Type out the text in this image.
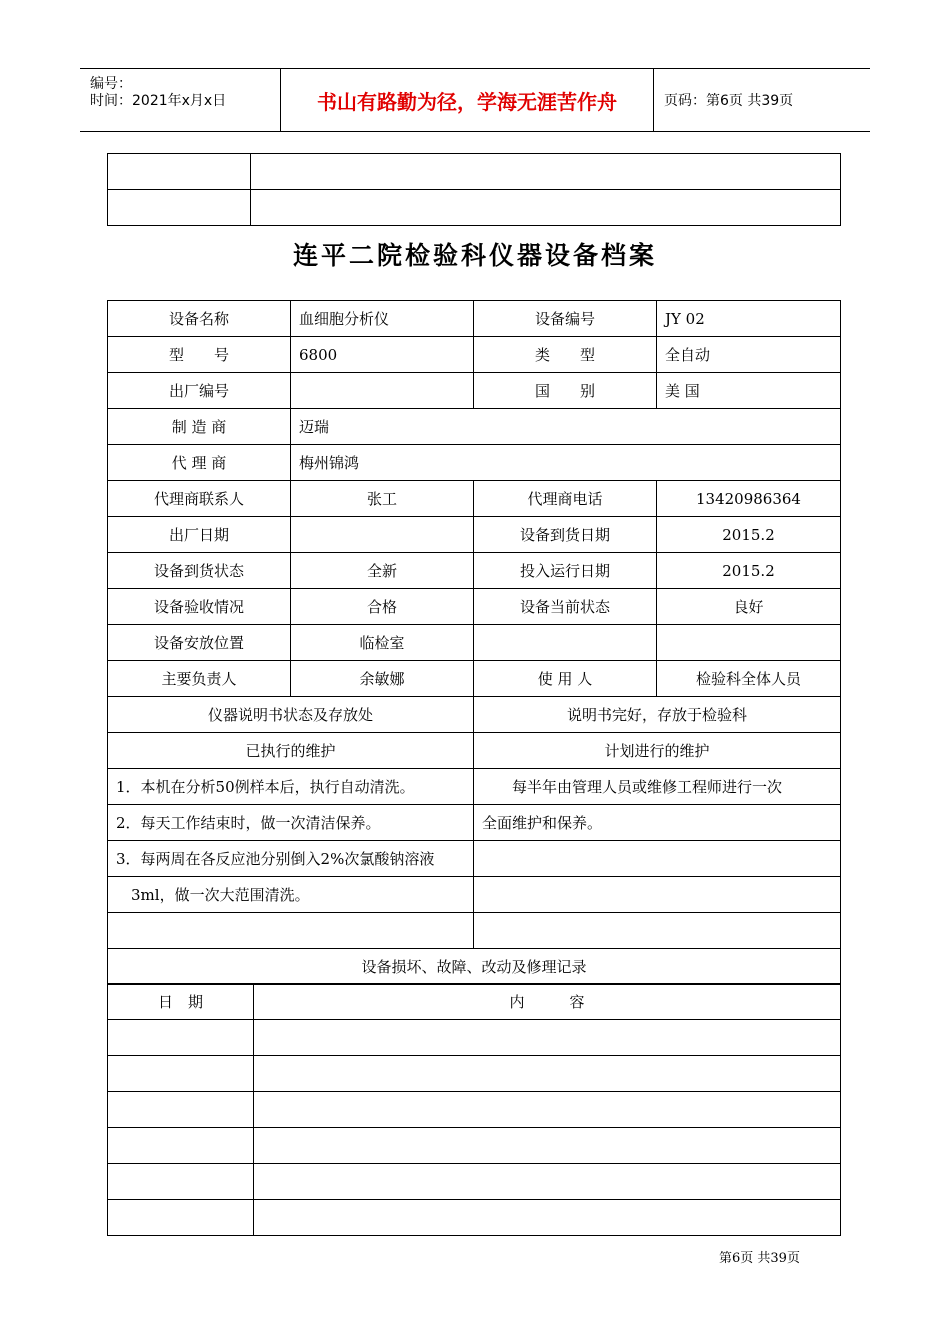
编号：
时间：2021年x月x日	书山有路勤为径，学海无涯苦作舟	页码：第6页 共39页

连平二院检验科仪器设备档案
设备名称	血细胞分析仪	设备编号	JY 02
型　　号	6800	类　　型	全自动
出厂编号		国　　别	美 国
制 造 商	迈瑞		
代 理 商	梅州锦鸿		
代理商联系人	张工	代理商电话	13420986364
出厂日期		设备到货日期	2015.2
设备到货状态	全新	投入运行日期	2015.2
设备验收情况	合格	设备当前状态	良好
设备安放位置	临检室		
主要负责人	余敏娜	使 用 人	检验科全体人员
仪器说明书状态及存放处		说明书完好，存放于检验科	
已执行的维护		计划进行的维护	
1．本机在分析50例样本后，执行自动清洗。		　　每半年由管理人员或维修工程师进行一次	
2．每天工作结束时，做一次清洁保养。		全面维护和保养。	
3．每两周在各反应池分别倒入2%次氯酸钠溶液			
　3ml，做一次大范围清洗。			

设备损坏、故障、改动及修理记录			
日　期	内　　　容

第6页 共39页
